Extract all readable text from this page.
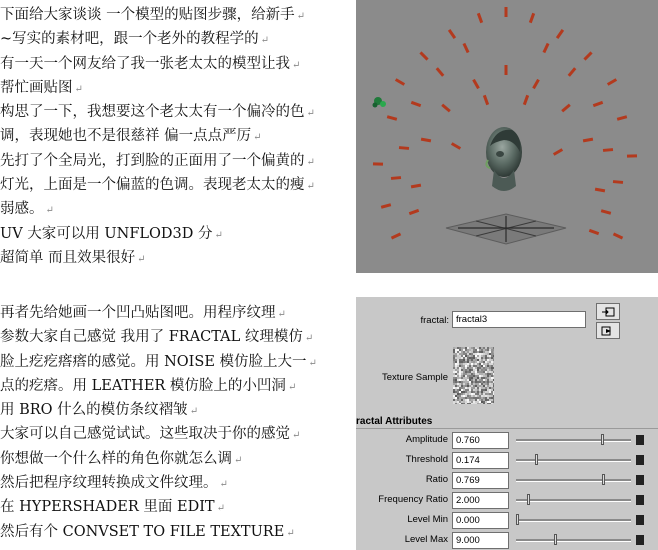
下面给大家谈谈 一个模型的贴图步骤，给新手 ↵
~写实的素材吧，跟一个老外的教程学的 ↵
有一天一个网友给了我一张老太太的模型让我 ↵
帮忙画贴图 ↵
构思了一下，我想要这个老太太有一个偏冷的色 ↵
调，表现她也不是很慈祥 偏一点点严厉 ↵
先打了个全局光，打到脸的正面用了一个偏黄的 ↵
灯光，上面是一个偏蓝的色调。表现老太太的瘦 ↵
弱感。 ↵
UV 大家可以用 UNFLOD3D 分 ↵
超简单 而且效果很好 ↵
再者先给她画一个凹凸贴图吧。用程序纹理 ↵
参数大家自己感觉 我用了 FRACTAL 纹理模仿 ↵
脸上疙疙瘩瘩的感觉。用 NOISE 模仿脸上大一 ↵
点的疙瘩。用 LEATHER 模仿脸上的小凹洞 ↵
用 BRO 什么的模仿条纹褶皱 ↵
大家可以自己感觉试试。这些取决于你的感觉 ↵
你想做一个什么样的角色你就怎么调 ↵
然后把程序纹理转换成文件纹理。 ↵
在 HYPERSHADER 里面 EDIT ↵
然后有个 CONVSET TO FILE TEXTURE ↵
fractal: fractal3
Texture Sample
ractal Attributes
Amplitude 0.760
Threshold 0.174
Ratio 0.769
Frequency Ratio 2.000
Level Min 0.000
Level Max 9.000
